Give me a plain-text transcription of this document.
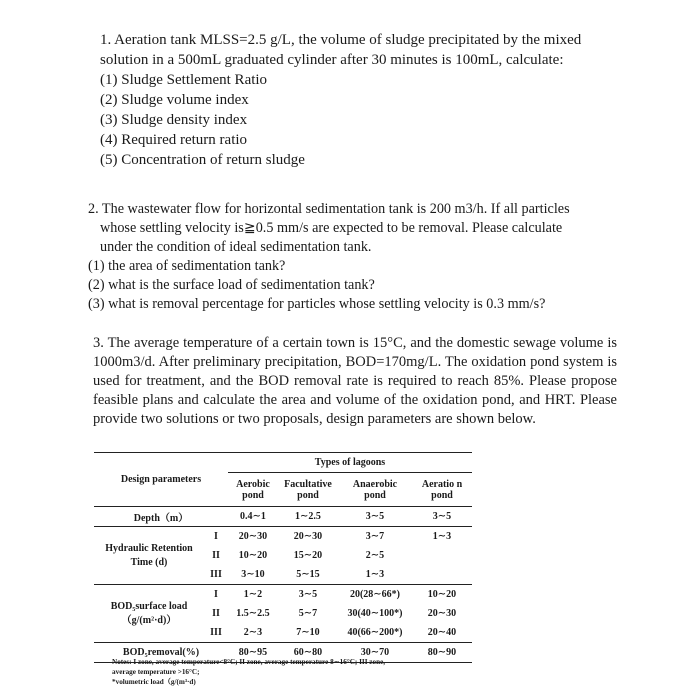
1. Aeration tank MLSS=2.5 g/L, the volume of sludge precipitated by the mixed

solution in a 500mL graduated cylinder after 30 minutes is 100mL, calculate:

(1) Sludge Settlement Ratio

(2) Sludge volume index

(3) Sludge density index

(4) Required return ratio

(5) Concentration of return sludge

2. The wastewater flow for horizontal sedimentation tank is 200 m3/h. If all particles

whose settling velocity is≧0.5 mm/s are expected to be removal. Please calculate

under the condition of ideal sedimentation tank.

(1) the area of sedimentation tank?

(2) what is the surface load of sedimentation tank?

(3) what is removal percentage for particles whose settling velocity is 0.3 mm/s?

3. The average temperature of a certain town is 15°C, and the domestic sewage volume is 1000m3/d. After preliminary precipitation, BOD=170mg/L. The oxidation pond system is used for treatment, and the BOD removal rate is required to reach 85%. Please propose feasible plans and calculate the area and volume of the oxidation pond, and HRT. Please provide two solutions or two proposals, design parameters are shown below.

Design parameters		Types of lagoons			
		Aerobic pond	Facultative pond	Anaerobic pond	Aeratio n pond
Depth（m）		0.4∼1	1∼2.5	3∼5	3∼5
Hydraulic Retention Time (d)	I	20∼30	20∼30	3∼7	1∼3
	II	10∼20	15∼20	2∼5	
	III	3∼10	5∼15	1∼3	
BOD₅surface load（g/(m²·d)）	I	1∼2	3∼5	20(28∼66*)	10∼20
	II	1.5∼2.5	5∼7	30(40∼100*)	20∼30
	III	2∼3	7∼10	40(66∼200*)	20∼40
BOD₅removal(%)		80∼95	60∼80	30∼70	80∼90
Notes: I zone, average temperature<8°C; II zone, average temperature 8∼16°C; III zone,
average temperature >16°C;
*volumetric load（g/(m³·d)
